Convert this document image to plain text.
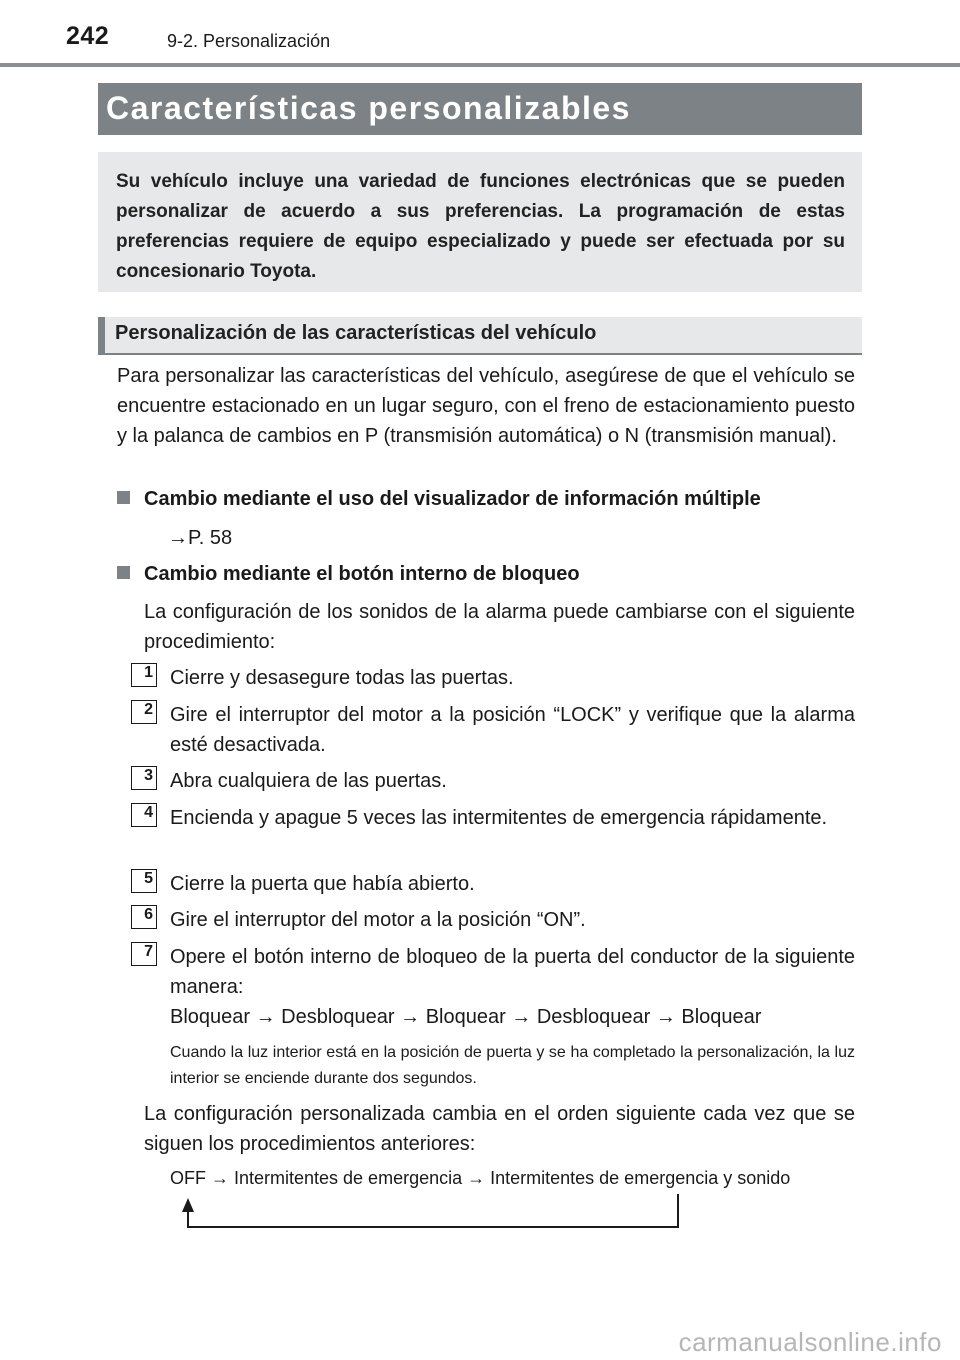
242	9-2. Personalización
Características personalizables
Su vehículo incluye una variedad de funciones electrónicas que se pueden personalizar de acuerdo a sus preferencias. La programación de estas preferencias requiere de equipo especializado y puede ser efectuada por su concesionario Toyota.
Personalización de las características del vehículo
Para personalizar las características del vehículo, asegúrese de que el vehículo se encuentre estacionado en un lugar seguro, con el freno de estacionamiento puesto y la palanca de cambios en P (transmisión automática) o N (transmisión manual).
Cambio mediante el uso del visualizador de información múltiple
→P. 58
Cambio mediante el botón interno de bloqueo
La configuración de los sonidos de la alarma puede cambiarse con el siguiente procedimiento:
1 Cierre y desasegure todas las puertas.
2 Gire el interruptor del motor a la posición “LOCK” y verifique que la alarma esté desactivada.
3 Abra cualquiera de las puertas.
4 Encienda y apague 5 veces las intermitentes de emergencia rápidamente.
5 Cierre la puerta que había abierto.
6 Gire el interruptor del motor a la posición “ON”.
7 Opere el botón interno de bloqueo de la puerta del conductor de la siguiente manera:
Bloquear → Desbloquear → Bloquear → Desbloquear → Bloquear
Cuando la luz interior está en la posición de puerta y se ha completado la personalización, la luz interior se enciende durante dos segundos.
La configuración personalizada cambia en el orden siguiente cada vez que se siguen los procedimientos anteriores:
OFF → Intermitentes de emergencia → Intermitentes de emergencia y sonido
carmanualsonline.info
